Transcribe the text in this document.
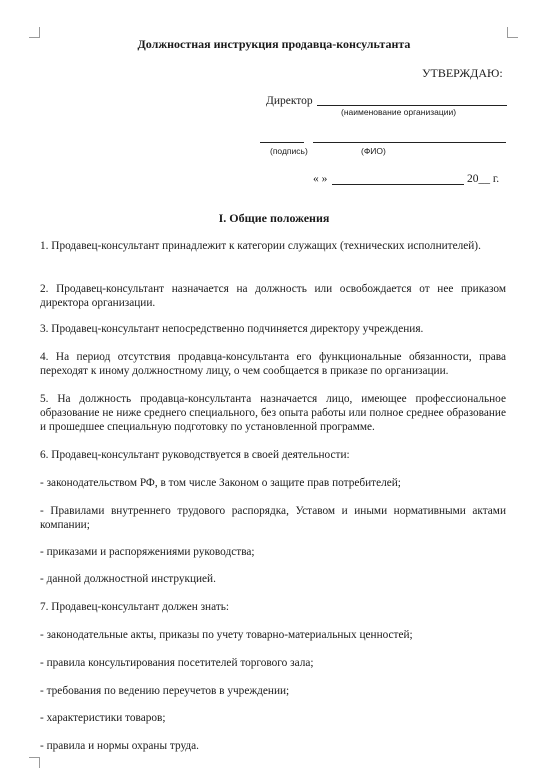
Должностная инструкция продавца-консультанта
УТВЕРЖДАЮ:
Директор
(наименование организации)
(подпись)	(ФИО)
« »	20__ г.
I. Общие положения
1. Продавец-консультант принадлежит к категории служащих (технических исполнителей).
2. Продавец-консультант назначается на должность или освобождается от нее приказом директора организации.
3. Продавец-консультант непосредственно подчиняется директору учреждения.
4. На период отсутствия продавца-консультанта его функциональные обязанности, права переходят к иному должностному лицу, о чем сообщается в приказе по организации.
5. На должность продавца-консультанта назначается лицо, имеющее профессиональное образование не ниже среднего специального, без опыта работы или полное среднее образование и прошедшее специальную подготовку по установленной программе.
6. Продавец-консультант руководствуется в своей деятельности:
- законодательством РФ, в том числе Законом о защите прав потребителей;
- Правилами внутреннего трудового распорядка, Уставом и иными нормативными актами компании;
- приказами и распоряжениями руководства;
- данной должностной инструкцией.
7. Продавец-консультант должен знать:
- законодательные акты, приказы по учету товарно-материальных ценностей;
- правила консультирования посетителей торгового зала;
- требования по ведению переучетов в учреждении;
- характеристики товаров;
- правила и нормы охраны труда.
